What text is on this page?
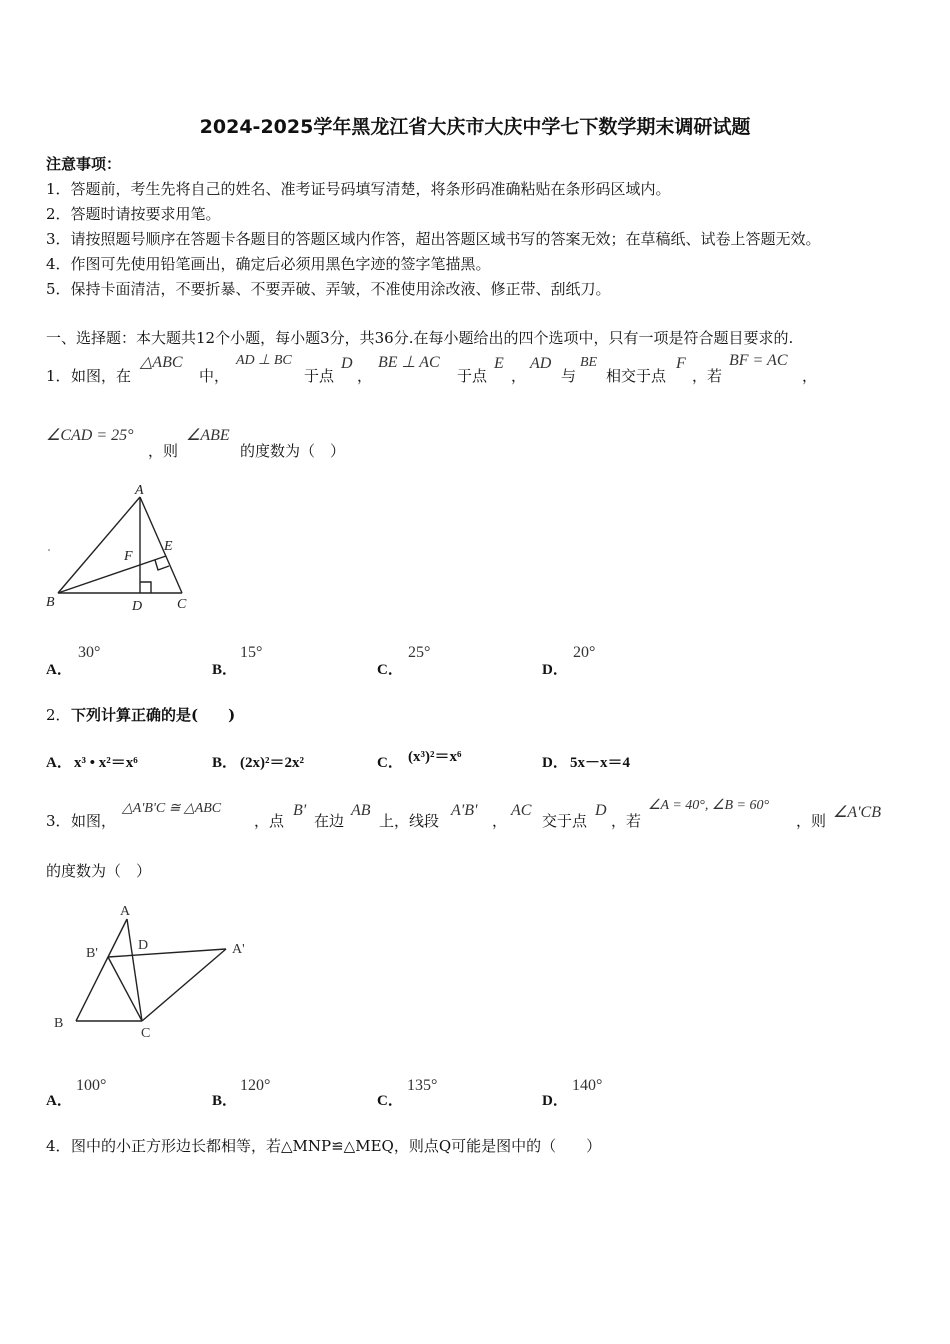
2024-2025学年黑龙江省大庆市大庆中学七下数学期末调研试题
注意事项：
1．答题前，考生先将自己的姓名、准考证号码填写清楚，将条形码准确粘贴在条形码区域内。
2．答题时请按要求用笔。
3．请按照题号顺序在答题卡各题目的答题区域内作答，超出答题区域书写的答案无效；在草稿纸、试卷上答题无效。
4．作图可先使用铅笔画出，确定后必须用黑色字迹的签字笔描黑。
5．保持卡面清洁，不要折暴、不要弄破、弄皱，不准使用涂改液、修正带、刮纸刀。
一、选择题：本大题共12个小题，每小题3分，共36分.在每小题给出的四个选项中，只有一项是符合题目要求的.
1． 如图，在
△ABC
中，
AD ⊥ BC
于点
D
，
BE ⊥ AC
于点
E
，
AD
与
BE
相交于点
F
，若
BF = AC
，
∠CAD = 25°
，则
∠ABE
的度数为（　）
A
B	C
D
E
F
A．
30°
B．
15°
C．
25°
D．
20°
2． 下列计算正确的是(　　)
A． x³ • x²＝x⁶	B． (2x)²＝2x²	C． (x³)²＝x⁶	D． 5x－x＝4
3． 如图，
△A'B'C ≅ △ABC
，点
B'
在边
AB
上，线段
A'B'
，
AC
交于点
D
，若
∠A = 40°, ∠B = 60°
，则 ∠A'CB
的度数为（　）
A
B
C
D
B'	A'
A．
100°
B．
120°
C．
135°
D．
140°
4． 图中的小正方形边长都相等，若△MNP≌△MEQ，则点Q可能是图中的（　　）
